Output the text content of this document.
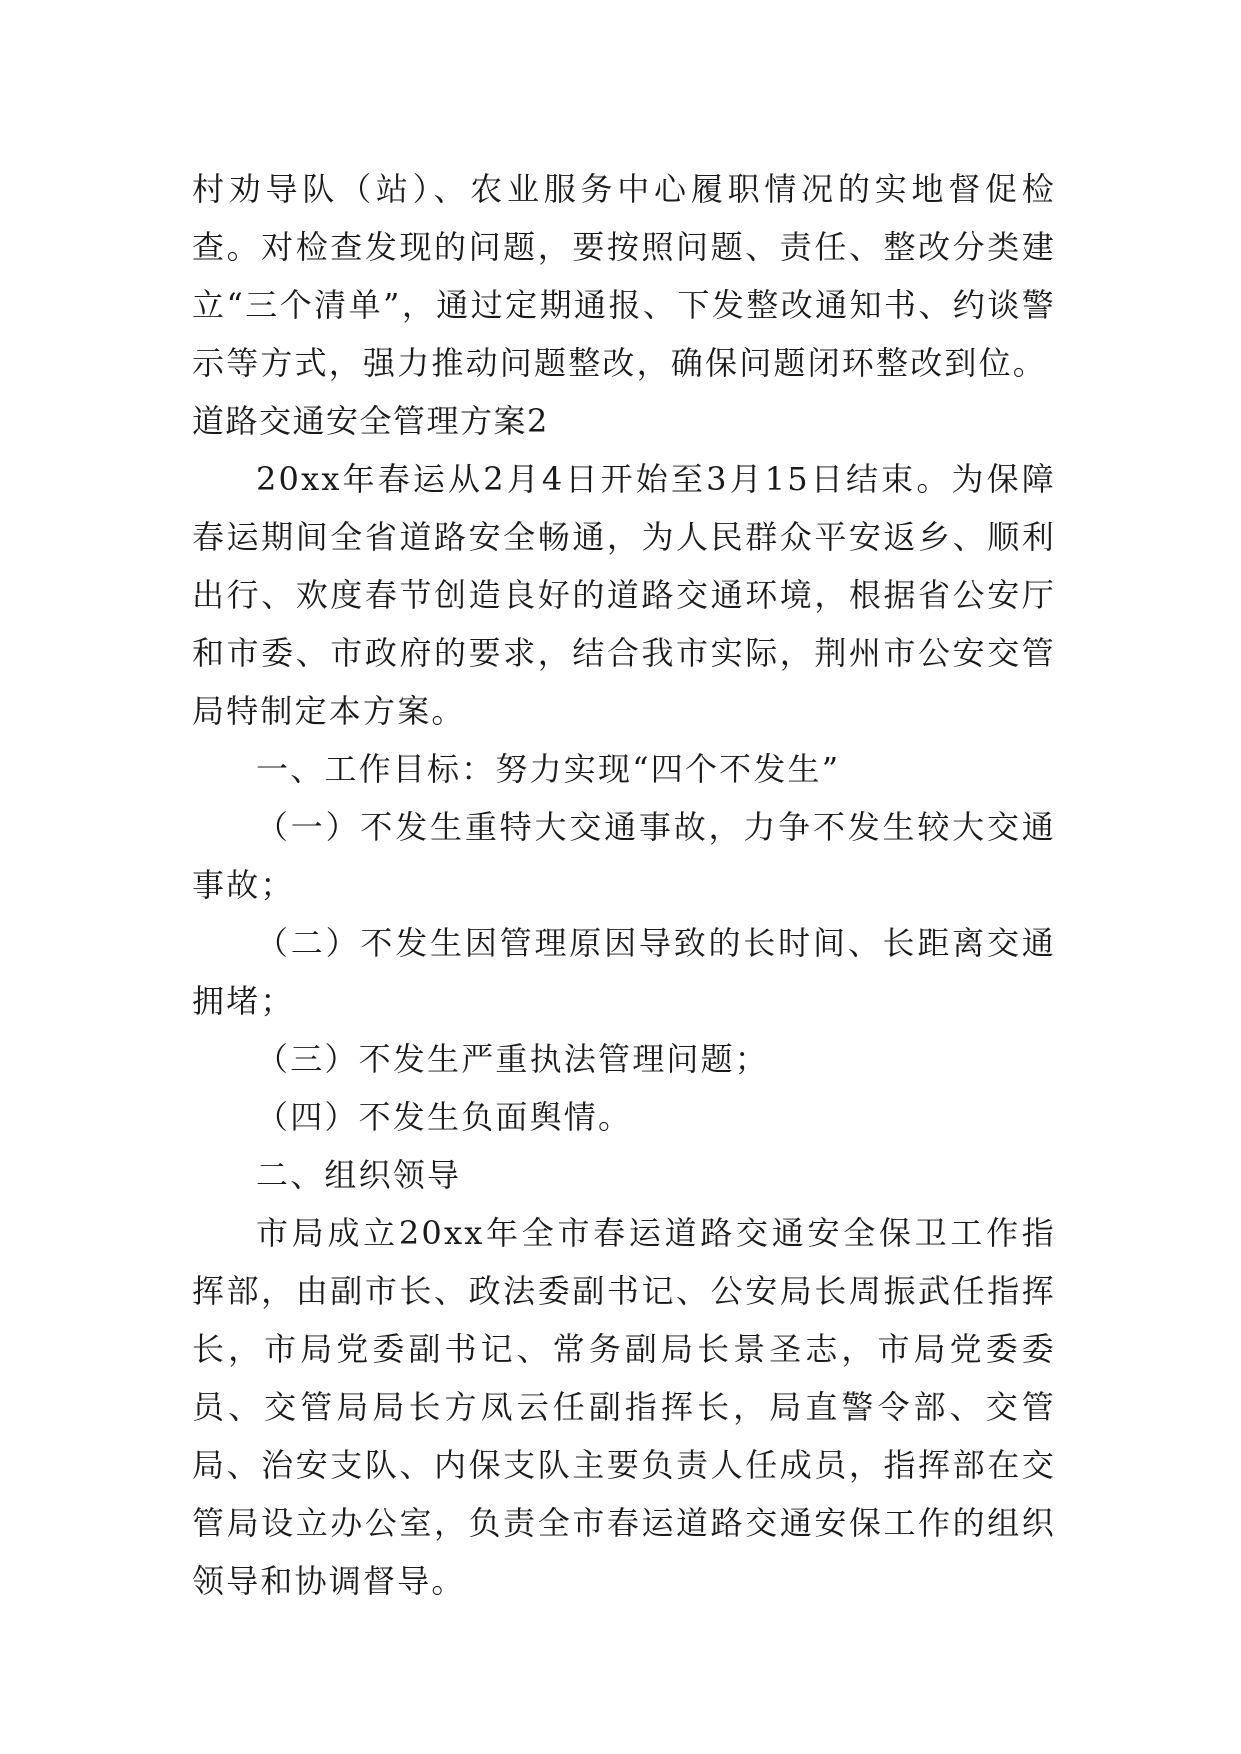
村劝导队（站）、农业服务中心履职情况的实地督促检查。对检查发现的问题，要按照问题、责任、整改分类建立“三个清单”，通过定期通报、下发整改通知书、约谈警示等方式，强力推动问题整改，确保问题闭环整改到位。

道路交通安全管理方案2

20xx年春运从2月4日开始至3月15日结束。为保障春运期间全省道路安全畅通，为人民群众平安返乡、顺利出行、欢度春节创造良好的道路交通环境，根据省公安厅和市委、市政府的要求，结合我市实际，荆州市公安交管局特制定本方案。

一、工作目标：努力实现“四个不发生”

（一）不发生重特大交通事故，力争不发生较大交通事故；

（二）不发生因管理原因导致的长时间、长距离交通拥堵；

（三）不发生严重执法管理问题；

（四）不发生负面舆情。

二、组织领导

市局成立20xx年全市春运道路交通安全保卫工作指挥部，由副市长、政法委副书记、公安局长周振武任指挥长，市局党委副书记、常务副局长景圣志，市局党委委员、交管局局长方凤云任副指挥长，局直警令部、交管局、治安支队、内保支队主要负责人任成员，指挥部在交管局设立办公室，负责全市春运道路交通安保工作的组织领导和协调督导。
